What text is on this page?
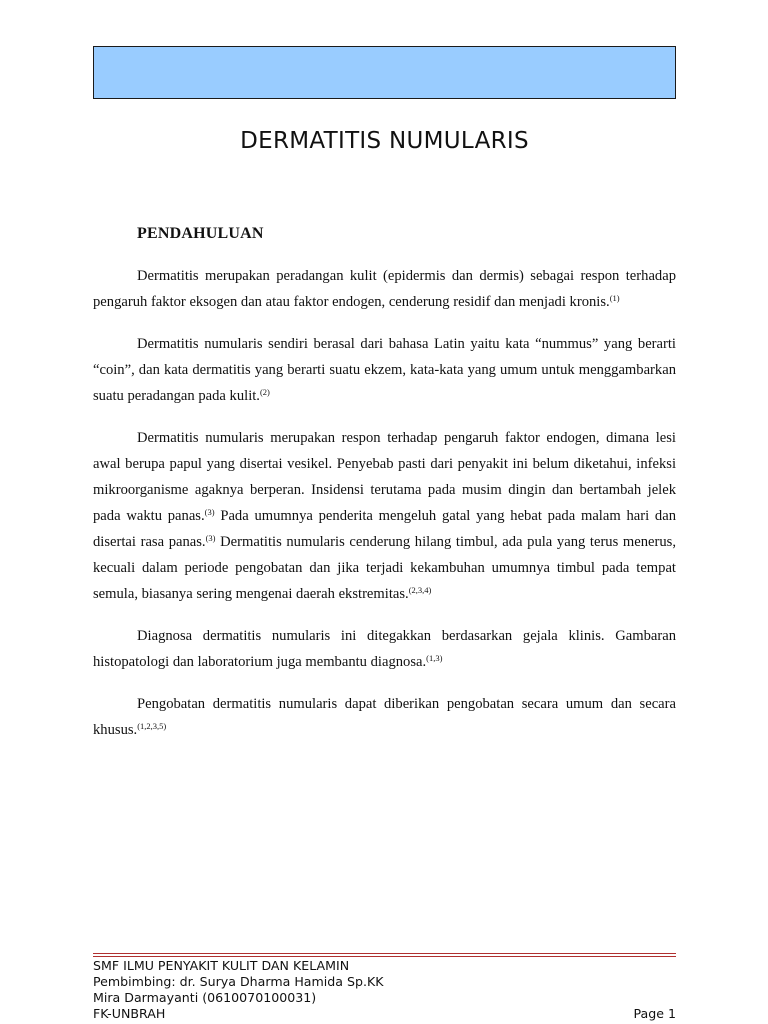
DERMATITIS NUMULARIS
PENDAHULUAN

Dermatitis merupakan peradangan kulit (epidermis dan dermis) sebagai respon terhadap pengaruh faktor eksogen dan atau faktor endogen, cenderung residif dan menjadi kronis.$^{(1)}$

Dermatitis numularis sendiri berasal dari bahasa Latin yaitu kata “nummus” yang berarti “coin”, dan kata dermatitis yang berarti suatu ekzem, kata-kata yang umum untuk menggambarkan suatu peradangan pada kulit.$^{(2)}$

Dermatitis numularis merupakan respon terhadap pengaruh faktor endogen, dimana lesi awal berupa papul yang disertai vesikel. Penyebab pasti dari penyakit ini belum diketahui, infeksi mikroorganisme agaknya berperan. Insidensi terutama pada musim dingin dan bertambah jelek pada waktu panas.$^{(3)}$ Pada umumnya penderita mengeluh gatal yang hebat pada malam hari dan disertai rasa panas.$^{(3)}$ Dermatitis numularis cenderung hilang timbul, ada pula yang terus menerus, kecuali dalam periode pengobatan dan jika terjadi kekambuhan umumnya timbul pada tempat semula, biasanya sering mengenai daerah ekstremitas.$^{(2,3,4)}$

Diagnosa dermatitis numularis ini ditegakkan berdasarkan gejala klinis. Gambaran histopatologi dan laboratorium juga membantu diagnosa.$^{(1,3)}$

Pengobatan dermatitis numularis dapat diberikan pengobatan secara umum dan secara khusus.$^{(1,2,3,5)}$

SMF ILMU PENYAKIT KULIT DAN KELAMIN
Pembimbing: dr. Surya Dharma Hamida Sp.KK
Mira Darmayanti (0610070100031)
FK-UNBRAH	Page 1
